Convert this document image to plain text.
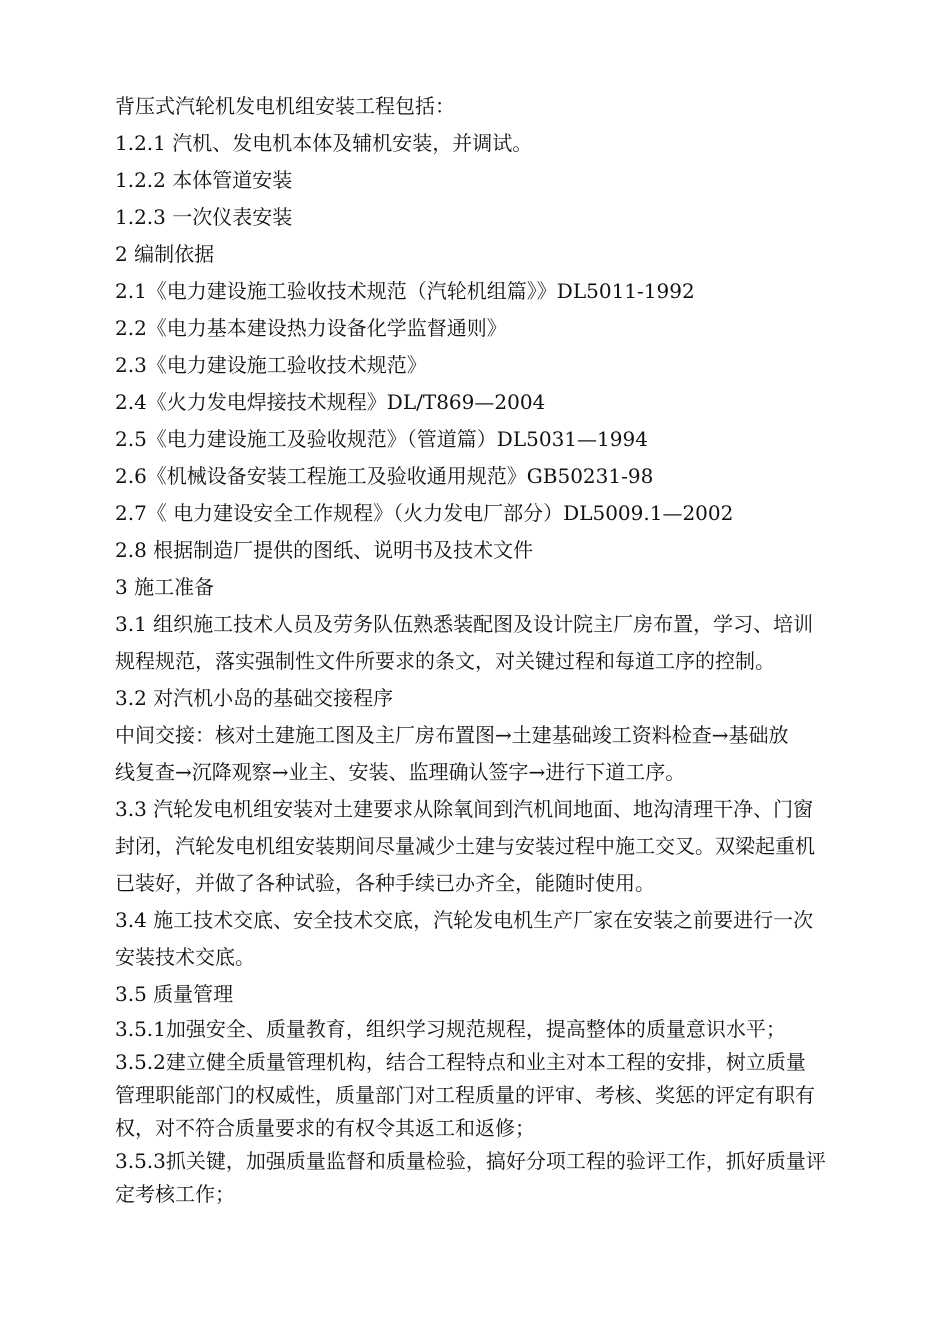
背压式汽轮机发电机组安装工程包括：
1.2.1 汽机、发电机本体及辅机安装，并调试。
1.2.2 本体管道安装
1.2.3 一次仪表安装
2 编制依据
2.1《电力建设施工验收技术规范（汽轮机组篇》》DL5011-1992
2.2《电力基本建设热力设备化学监督通则》
2.3《电力建设施工验收技术规范》
2.4《火力发电焊接技术规程》DL/T869—2004
2.5《电力建设施工及验收规范》（管道篇）DL5031—1994
2.6《机械设备安装工程施工及验收通用规范》GB50231-98
2.7《 电力建设安全工作规程》（火力发电厂部分）DL5009.1—2002
2.8 根据制造厂提供的图纸、说明书及技术文件
3 施工准备
3.1 组织施工技术人员及劳务队伍熟悉装配图及设计院主厂房布置，学习、培训
规程规范，落实强制性文件所要求的条文，对关键过程和每道工序的控制。
3.2 对汽机小岛的基础交接程序
中间交接：核对土建施工图及主厂房布置图→土建基础竣工资料检查→基础放
线复查→沉降观察→业主、安装、监理确认签字→进行下道工序。
3.3 汽轮发电机组安装对土建要求从除氧间到汽机间地面、地沟清理干净、门窗
封闭，汽轮发电机组安装期间尽量减少土建与安装过程中施工交叉。双梁起重机
已装好，并做了各种试验，各种手续已办齐全，能随时使用。
3.4 施工技术交底、安全技术交底，汽轮发电机生产厂家在安装之前要进行一次
安装技术交底。
3.5 质量管理
3.5.1加强安全、质量教育，组织学习规范规程，提高整体的质量意识水平；
3.5.2建立健全质量管理机构，结合工程特点和业主对本工程的安排，树立质量
管理职能部门的权威性，质量部门对工程质量的评审、考核、奖惩的评定有职有
权，对不符合质量要求的有权令其返工和返修；
3.5.3抓关键，加强质量监督和质量检验，搞好分项工程的验评工作，抓好质量评
定考核工作；
